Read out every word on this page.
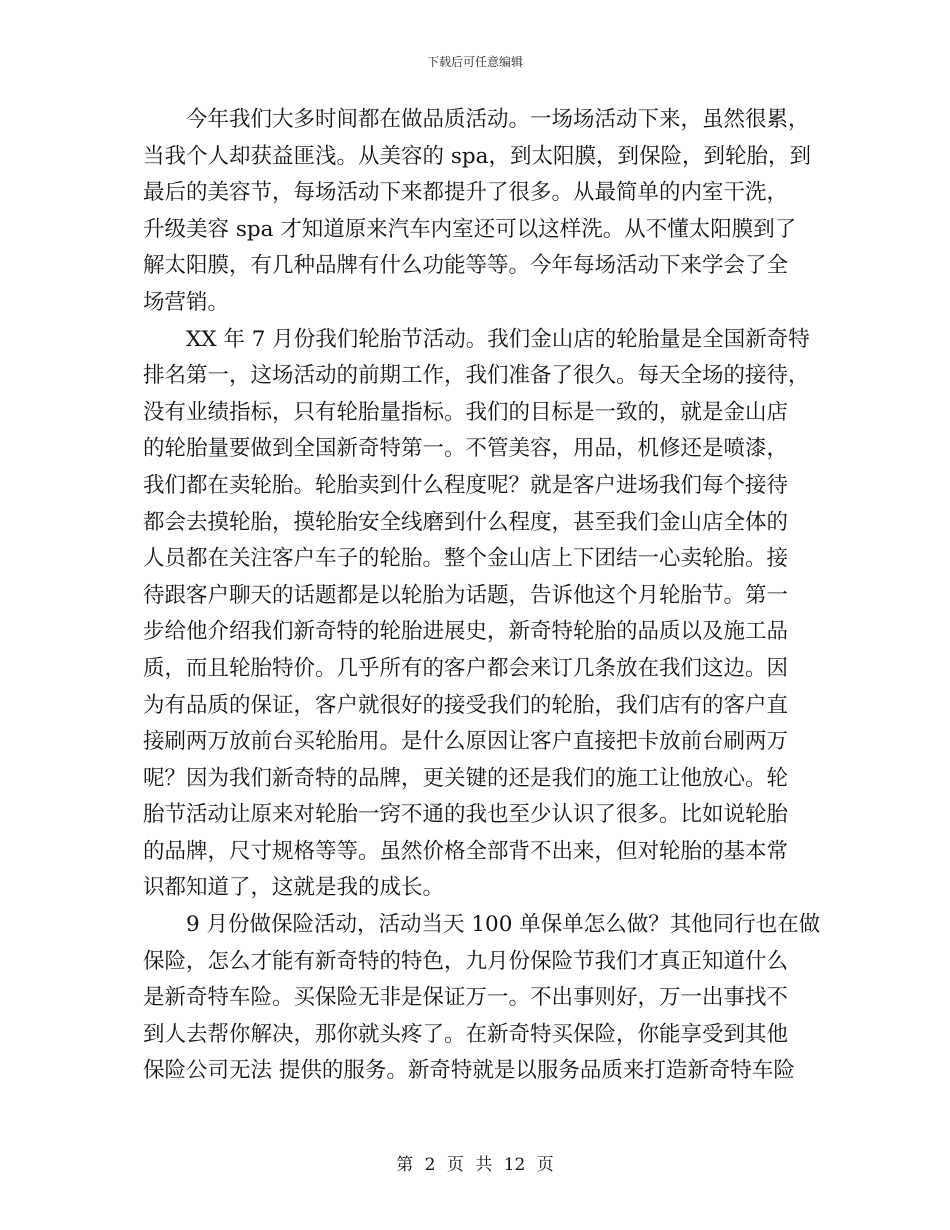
下载后可任意编辑

今年我们大多时间都在做品质活动。一场场活动下来，虽然很累，
当我个人却获益匪浅。从美容的 spa，到太阳膜，到保险，到轮胎，到
最后的美容节，每场活动下来都提升了很多。从最简单的内室干洗，
升级美容 spa 才知道原来汽车内室还可以这样洗。从不懂太阳膜到了
解太阳膜，有几种品牌有什么功能等等。今年每场活动下来学会了全
场营销。

XX 年 7 月份我们轮胎节活动。我们金山店的轮胎量是全国新奇特
排名第一，这场活动的前期工作，我们准备了很久。每天全场的接待，
没有业绩指标，只有轮胎量指标。我们的目标是一致的，就是金山店
的轮胎量要做到全国新奇特第一。不管美容，用品，机修还是喷漆，
我们都在卖轮胎。轮胎卖到什么程度呢？就是客户进场我们每个接待
都会去摸轮胎，摸轮胎安全线磨到什么程度，甚至我们金山店全体的
人员都在关注客户车子的轮胎。整个金山店上下团结一心卖轮胎。接
待跟客户聊天的话题都是以轮胎为话题，告诉他这个月轮胎节。第一
步给他介绍我们新奇特的轮胎进展史，新奇特轮胎的品质以及施工品
质，而且轮胎特价。几乎所有的客户都会来订几条放在我们这边。因
为有品质的保证，客户就很好的接受我们的轮胎，我们店有的客户直
接刷两万放前台买轮胎用。是什么原因让客户直接把卡放前台刷两万
呢？因为我们新奇特的品牌，更关键的还是我们的施工让他放心。轮
胎节活动让原来对轮胎一窍不通的我也至少认识了很多。比如说轮胎
的品牌，尺寸规格等等。虽然价格全部背不出来，但对轮胎的基本常
识都知道了，这就是我的成长。

9 月份做保险活动，活动当天 100 单保单怎么做？其他同行也在做
保险，怎么才能有新奇特的特色，九月份保险节我们才真正知道什么
是新奇特车险。买保险无非是保证万一。不出事则好，万一出事找不
到人去帮你解决，那你就头疼了。在新奇特买保险，你能享受到其他
保险公司无法 提供的服务。新奇特就是以服务品质来打造新奇特车险

第 2 页 共 12 页
